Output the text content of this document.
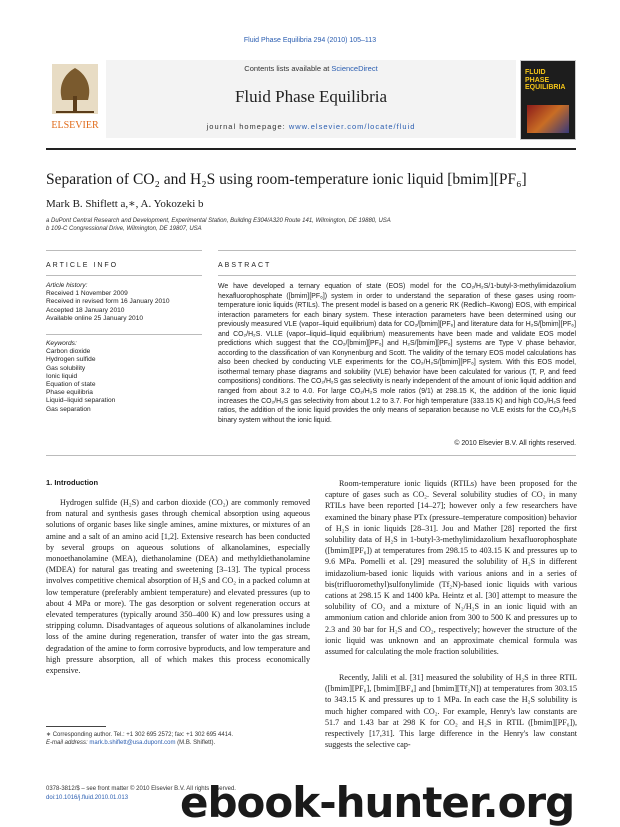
Fluid Phase Equilibria 294 (2010) 105–113
ELSEVIER
Contents lists available at ScienceDirect
Fluid Phase Equilibria
journal homepage: www.elsevier.com/locate/fluid
FLUID PHASE EQUILIBRIA
Separation of CO₂ and H₂S using room-temperature ionic liquid [bmim][PF₆]
Mark B. Shiflett a,∗, A. Yokozeki b
a DuPont Central Research and Development, Experimental Station, Building E304/A320 Route 141, Wilmington, DE 19880, USA
b 109-C Congressional Drive, Wilmington, DE 19807, USA
ARTICLE INFO	ABSTRACT
Article history:
Received 1 November 2009
Received in revised form 16 January 2010
Accepted 18 January 2010
Available online 25 January 2010
Keywords:
Carbon dioxide
Hydrogen sulfide
Gas solubility
Ionic liquid
Equation of state
Phase equilibria
Liquid–liquid separation
Gas separation
We have developed a ternary equation of state (EOS) model for the CO₂/H₂S/1-butyl-3-methylimidazolium hexafluorophosphate ([bmim][PF₆]) system in order to understand the separation of these gases using room-temperature ionic liquids (RTILs). The present model is based on a generic RK (Redlich–Kwong) EOS, with empirical interaction parameters for each binary system. These interaction parameters have been determined using our previously measured VLE (vapor–liquid equilibrium) data for CO₂/[bmim][PF₆] and literature data for H₂S/[bmim][PF₆] and CO₂/H₂S. VLLE (vapor–liquid–liquid equilibrium) measurements have been made and validate EOS model predictions which suggest that the CO₂/[bmim][PF₆] and H₂S/[bmim][PF₆] systems are Type V phase behavior, according to the classification of van Konynenburg and Scott. The validity of the ternary EOS model calculations has also been checked by conducting VLE experiments for the CO₂/H₂S/[bmim][PF₆] system. With this EOS model, isothermal ternary phase diagrams and solubility (VLE) behavior have been calculated for various (T, P, and feed compositions) conditions. The CO₂/H₂S gas selectivity is nearly independent of the amount of ionic liquid addition and ranged from about 3.2 to 4.0. For large CO₂/H₂S mole ratios (9/1) at 298.15 K, the addition of the ionic liquid increases the CO₂/H₂S gas selectivity from about 1.2 to 3.7. For high temperature (333.15 K) and high CO₂/H₂S feed ratios, the addition of the ionic liquid provides the only means of separation because no VLE exists for the CO₂/H₂S binary system without the ionic liquid.
© 2010 Elsevier B.V. All rights reserved.
1. Introduction
Hydrogen sulfide (H₂S) and carbon dioxide (CO₂) are commonly removed from natural and synthesis gases through chemical absorption using aqueous solutions of organic bases like single amines, amine mixtures, or mixtures of an amine and a salt of an amino acid [1,2]. Extensive research has been conducted by several groups on aqueous solutions of alkanolamines, especially monoethanolamine (MEA), diethanolamine (DEA) and methyldiethanolamine (MDEA) for natural gas treating and sweetening [3–13]. The typical process involves competitive chemical absorption of H₂S and CO₂ in a packed column at low temperature (preferably ambient temperature) and elevated pressures (up to about 4 MPa or more). The gas desorption or solvent regeneration occurs at elevated temperatures (typically around 350–400 K) and low pressures using a stripping column. Disadvantages of aqueous solutions of alkanolamines include loss of the amine during regeneration, transfer of water into the gas stream, degradation of the amine to form corrosive byproducts, and low temperature and high pressure absorption, all of which makes this process economically expensive.
Room-temperature ionic liquids (RTILs) have been proposed for the capture of gases such as CO₂. Several solubility studies of CO₂ in many RTILs have been reported [14–27]; however only a few researchers have examined the binary phase PTx (pressure–temperature composition) behavior of H₂S in ionic liquids [28–31]. Jou and Mather [28] reported the first solubility data of H₂S in 1-butyl-3-methylimidazolium hexafluorophosphate ([bmim][PF₆]) at temperatures from 298.15 to 403.15 K and pressures up to 9.6 MPa. Pomelli et al. [29] measured the solubility of H₂S in different imidazolium-based ionic liquids with various anions and in a series of bis(trifluoromethyl)sulfonylimide (Tf₂N)-based ionic liquids with various cations at 298.15 K and 1400 kPa. Heintz et al. [30] attempt to measure the solubility of CO₂ and a mixture of N₂/H₂S in an ionic liquid with an ammonium cation and chloride anion from 300 to 500 K and pressures up to 2.3 and 30 bar for H₂S and CO₂, respectively; however the structure of the ionic liquid was unknown and an approximate chemical formula was assumed for calculating the mole fraction solubilities.
Recently, Jalili et al. [31] measured the solubility of H₂S in three RTIL ([bmim][PF₆], [bmim][BF₄] and [bmim][Tf₂N]) at temperatures from 303.15 to 343.15 K and pressures up to 1 MPa. In each case the H₂S solubility is much higher compared with CO₂. For example, Henry's law constants are 51.7 and 1.43 bar at 298 K for CO₂ and H₂S in RTIL ([bmim][PF₆]), respectively [17,31]. This large difference in the Henry's law constant suggests the selective cap-
∗ Corresponding author. Tel.: +1 302 695 2572; fax: +1 302 695 4414.
E-mail address: mark.b.shiflett@usa.dupont.com (M.B. Shiflett).
0378-3812/$ – see front matter © 2010 Elsevier B.V. All rights reserved.
doi:10.1016/j.fluid.2010.01.013	ebook-hunter.org
